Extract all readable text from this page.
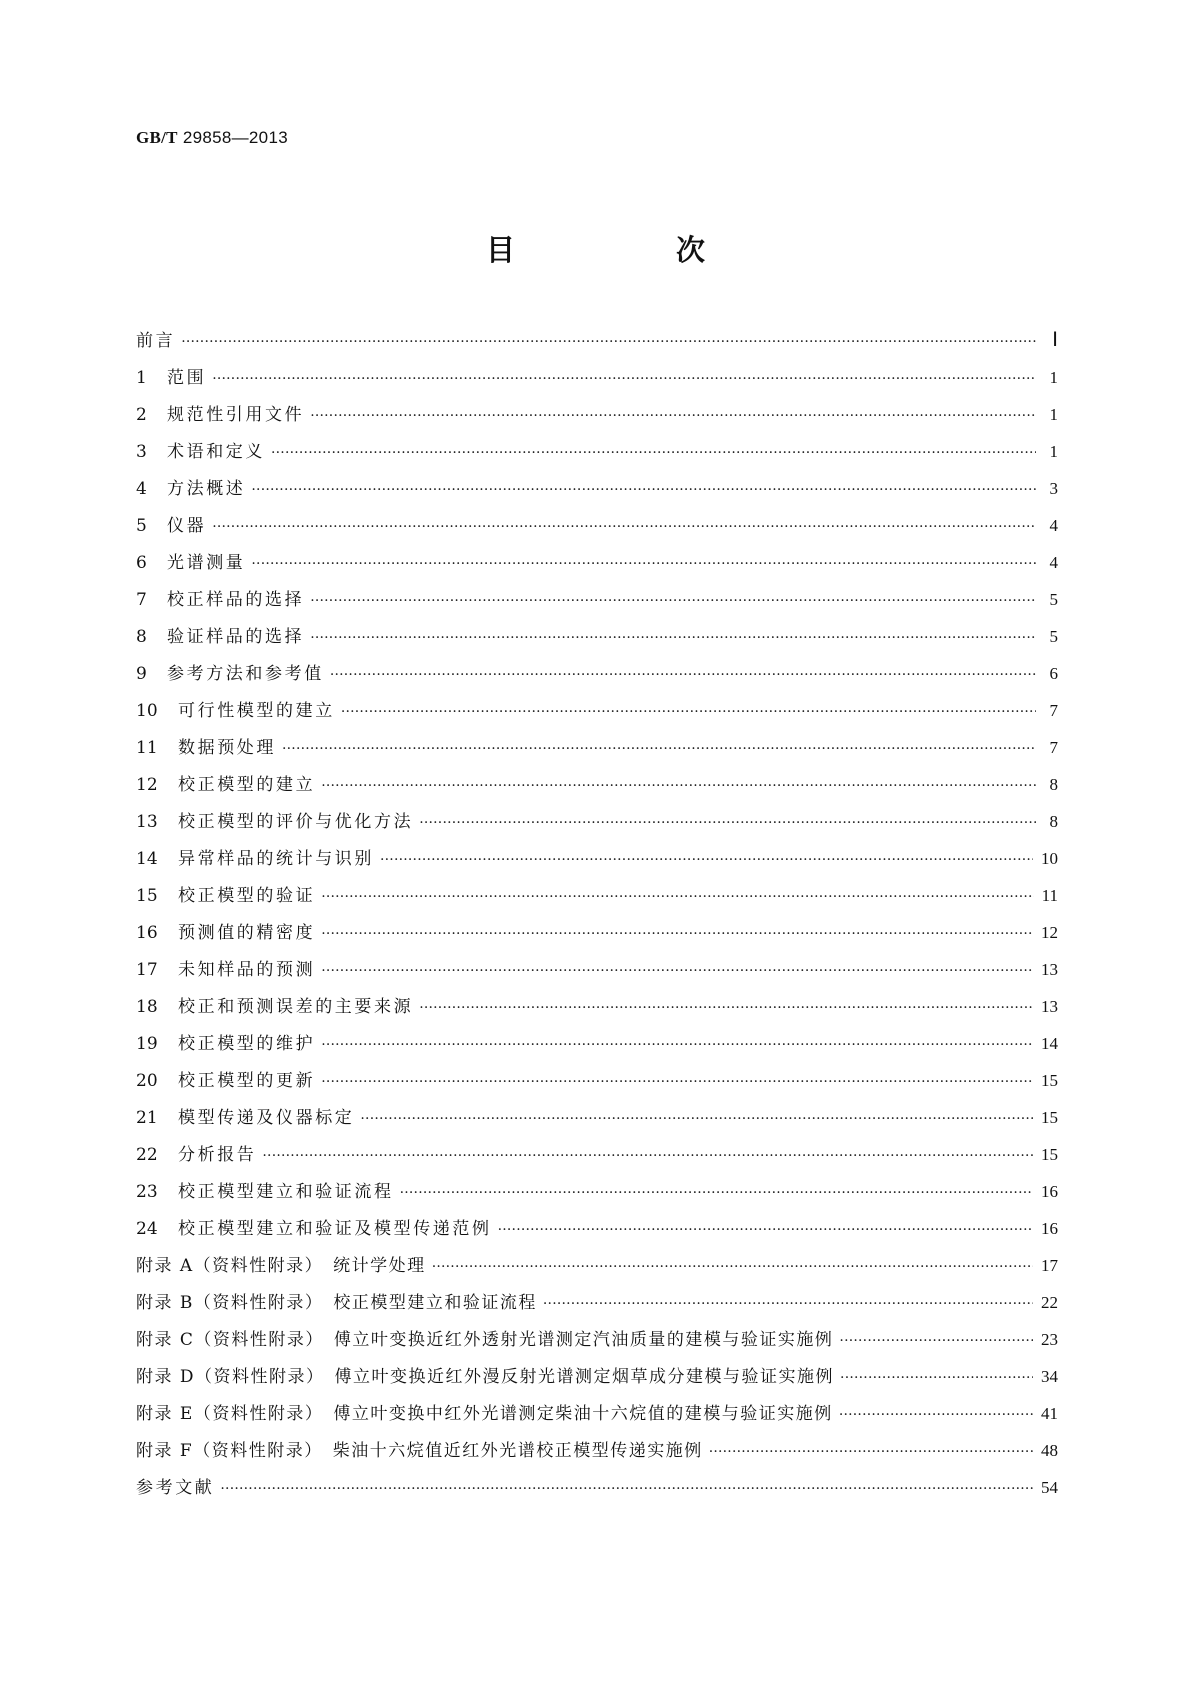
GB/T 29858—2013
目　次
前言 ·····	Ⅰ
1	范围 ·····	1
2	规范性引用文件 ·····	1
3	术语和定义 ·····	1
4	方法概述 ·····	3
5	仪器 ·····	4
6	光谱测量 ·····	4
7	校正样品的选择 ·····	5
8	验证样品的选择 ·····	5
9	参考方法和参考值 ·····	6
10	可行性模型的建立 ·····	7
11	数据预处理 ·····	7
12	校正模型的建立 ·····	8
13	校正模型的评价与优化方法 ·····	8
14	异常样品的统计与识别 ·····	10
15	校正模型的验证 ·····	11
16	预测值的精密度 ·····	12
17	未知样品的预测 ·····	13
18	校正和预测误差的主要来源 ·····	13
19	校正模型的维护 ·····	14
20	校正模型的更新 ·····	15
21	模型传递及仪器标定 ·····	15
22	分析报告 ·····	15
23	校正模型建立和验证流程 ·····	16
24	校正模型建立和验证及模型传递范例 ·····	16
附录 A（资料性附录）　统计学处理 ·····	17
附录 B（资料性附录）　校正模型建立和验证流程 ·····	22
附录 C（资料性附录）　傅立叶变换近红外透射光谱测定汽油质量的建模与验证实施例 ·····	23
附录 D（资料性附录）　傅立叶变换近红外漫反射光谱测定烟草成分建模与验证实施例 ·····	34
附录 E（资料性附录）　傅立叶变换中红外光谱测定柴油十六烷值的建模与验证实施例 ·····	41
附录 F（资料性附录）　柴油十六烷值近红外光谱校正模型传递实施例 ·····	48
参考文献 ·····	54
